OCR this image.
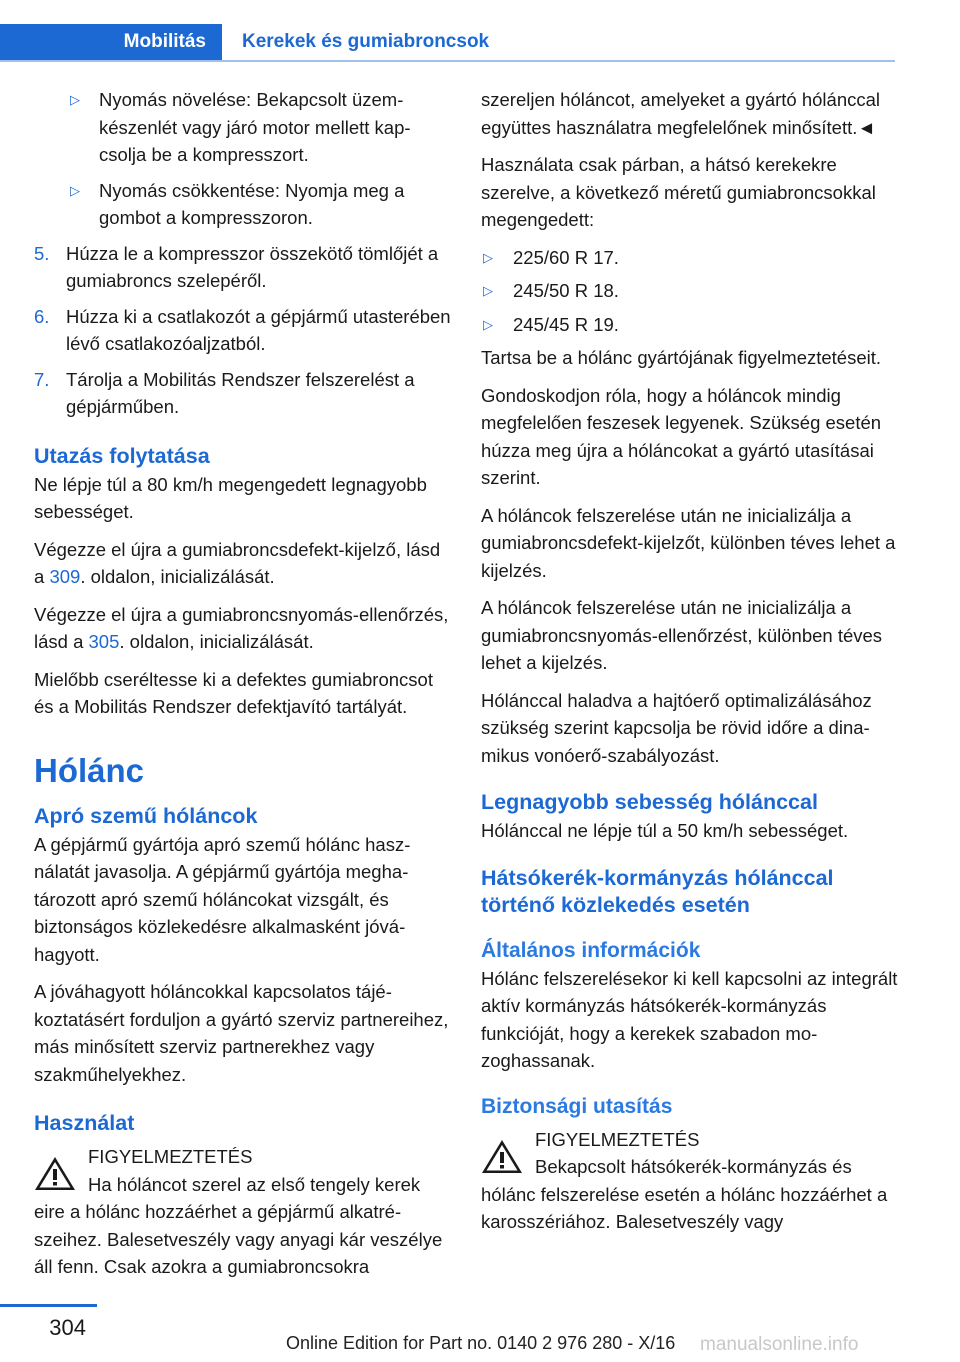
Mobilitás	Kerekek és gumiabroncsok
▷ Nyomás növelése: Bekapcsolt üzemkészenlét vagy járó motor mellett kapcsolja be a kompresszort.
▷ Nyomás csökkentése: Nyomja meg a gombot a kompresszoron.
5. Húzza le a kompresszor összekötő tömlőjét a gumiabroncs szelepéről.
6. Húzza ki a csatlakozót a gépjármű utasterében lévő csatlakozóaljzatból.
7. Tárolja a Mobilitás Rendszer felszerelést a gépjárműben.
Utazás folytatása

Ne lépje túl a 80 km/h megengedett legnagyobb sebességet.

Végezze el újra a gumiabroncsdefekt-kijelző, lásd a 309. oldalon, inicializálását.

Végezze el újra a gumiabroncsnyomás-ellenőrzés, lásd a 305. oldalon, inicializálását.

Mielőbb cseréltesse ki a defektes gumiabroncsot és a Mobilitás Rendszer defektjavító tartályát.

Hólánc
Apró szemű hóláncok

A gépjármű gyártója apró szemű hólánc használatát javasolja. A gépjármű gyártója meghatározott apró szemű hóláncokat vizsgált, és biztonságos közlekedésre alkalmasként jóváhagyott.

A jóváhagyott hóláncokkal kapcsolatos tájékoztatásért forduljon a gyártó szerviz partnereihez, más minősített szerviz partnerekhez vagy szakműhelyekhez.

Használat
FIGYELMEZTETÉS
Ha hóláncot szerel az első tengely kerek
eire a hólánc hozzáérhet a gépjármű alkatrészeihez. Balesetveszély vagy anyagi kár veszélye áll fenn. Csak azokra a gumiabroncsokra

szereljen hóláncot, amelyeket a gyártó hólánccal együttes használatra megfelelőnek minősített.◄

Használata csak párban, a hátsó kerekekre szerelve, a következő méretű gumiabroncsokkal megengedett:

▷ 225/60 R 17.
▷ 245/50 R 18.
▷ 245/45 R 19.

Tartsa be a hólánc gyártójának figyelmeztetéseit.

Gondoskodjon róla, hogy a hóláncok mindig megfelelően feszesek legyenek. Szükség esetén húzza meg újra a hóláncokat a gyártó utasításai szerint.

A hóláncok felszerelése után ne inicializálja a gumiabroncsdefekt-kijelzőt, különben téves lehet a kijelzés.

A hóláncok felszerelése után ne inicializálja a gumiabroncsnyomás-ellenőrzést, különben téves lehet a kijelzés.

Hólánccal haladva a hajtóerő optimalizálásához szükség szerint kapcsolja be rövid időre a dinamikus vonóerő-szabályozást.

Legnagyobb sebesség hólánccal

Hólánccal ne lépje túl a 50 km/h sebességet.

Hátsókerék-kormányzás hólánccal történő közlekedés esetén
Általános információk

Hólánc felszerelésekor ki kell kapcsolni az integrált aktív kormányzás hátsókerék-kormányzás funkcióját, hogy a kerekek szabadon mozoghassanak.

Biztonsági utasítás
FIGYELMEZTETÉS
Bekapcsolt hátsókerék-kormányzás és
hólánc felszerelése esetén a hólánc hozzáérhet a karosszériához. Balesetveszély vagy
304
Online Edition for Part no. 0140 2 976 280 - X/16 manualsonline.info
